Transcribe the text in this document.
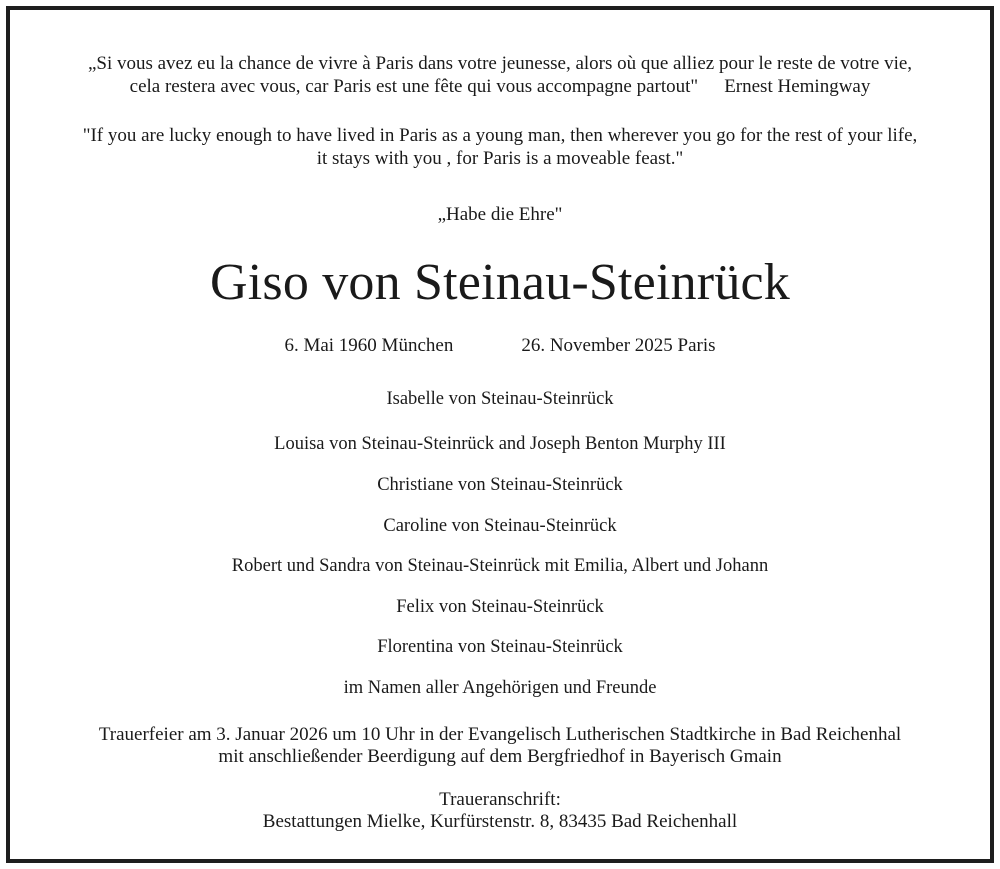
„Si vous avez eu la chance de vivre à Paris dans votre jeunesse, alors où que alliez pour le reste de votre vie,
cela restera avec vous, car Paris est une fête qui vous accompagne partout" Ernest Hemingway
"If you are lucky enough to have lived in Paris as a young man, then wherever you go for the rest of your life,
it stays with you , for Paris is a moveable feast."
„Habe die Ehre"
Giso von Steinau-Steinrück
6. Mai 1960 München	26. November 2025 Paris
Isabelle von Steinau-Steinrück
Louisa von Steinau-Steinrück and Joseph Benton Murphy III
Christiane von Steinau-Steinrück
Caroline von Steinau-Steinrück
Robert und Sandra von Steinau-Steinrück mit Emilia, Albert und Johann
Felix von Steinau-Steinrück
Florentina von Steinau-Steinrück
im Namen aller Angehörigen und Freunde
Trauerfeier am 3. Januar 2026 um 10 Uhr in der Evangelisch Lutherischen Stadtkirche in Bad Reichenhal
mit anschließender Beerdigung auf dem Bergfriedhof in Bayerisch Gmain
Traueranschrift:
Bestattungen Mielke, Kurfürstenstr. 8, 83435 Bad Reichenhall
